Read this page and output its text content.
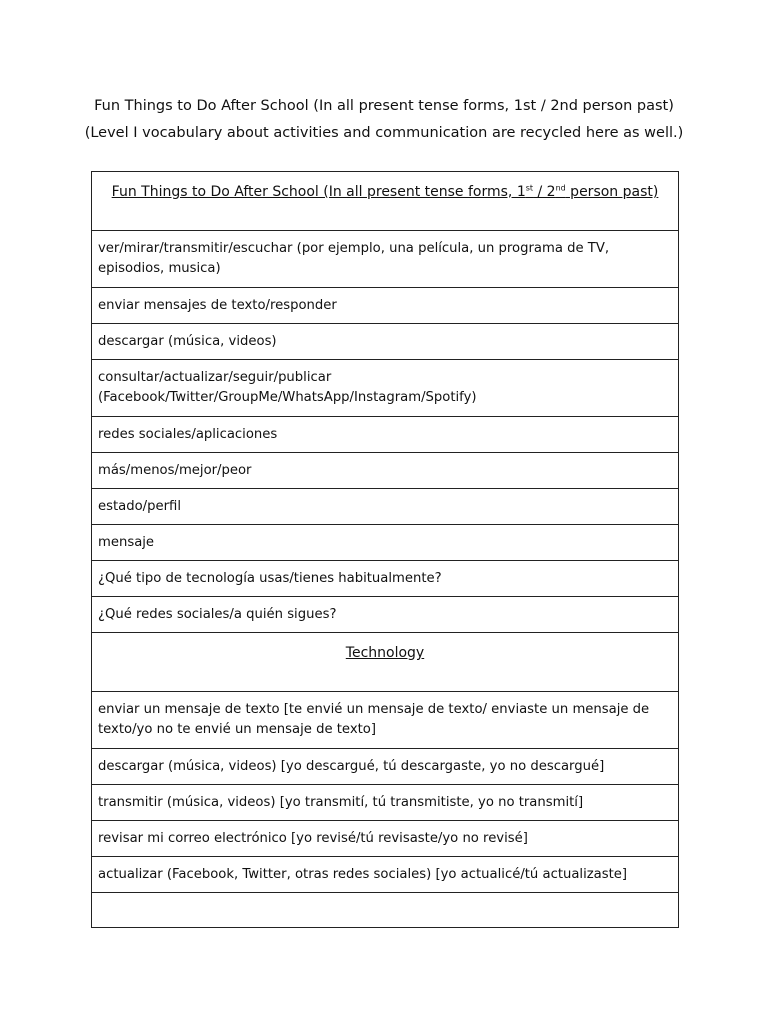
Fun Things to Do After School (In all present tense forms, 1st / 2nd person past)
(Level I vocabulary about activities and communication are recycled here as well.)
Fun Things to Do After School (In all present tense forms, 1st / 2nd person past)
ver/mirar/transmitir/escuchar (por ejemplo, una película, un programa de TV, episodios, musica)
enviar mensajes de texto/responder
descargar (música, videos)
consultar/actualizar/seguir/publicar (Facebook/Twitter/GroupMe/WhatsApp/Instagram/Spotify)
redes sociales/aplicaciones
más/menos/mejor/peor
estado/perfil
mensaje
¿Qué tipo de tecnología usas/tienes habitualmente?
¿Qué redes sociales/a quién sigues?
Technology
enviar un mensaje de texto [te envié un mensaje de texto/ enviaste un mensaje de texto/yo no te envié un mensaje de texto]
descargar (música, videos) [yo descargué, tú descargaste, yo no descargué]
transmitir (música, videos) [yo transmití, tú transmitiste, yo no transmití]
revisar mi correo electrónico [yo revisé/tú revisaste/yo no revisé]
actualizar (Facebook, Twitter, otras redes sociales) [yo actualicé/tú actualizaste]
